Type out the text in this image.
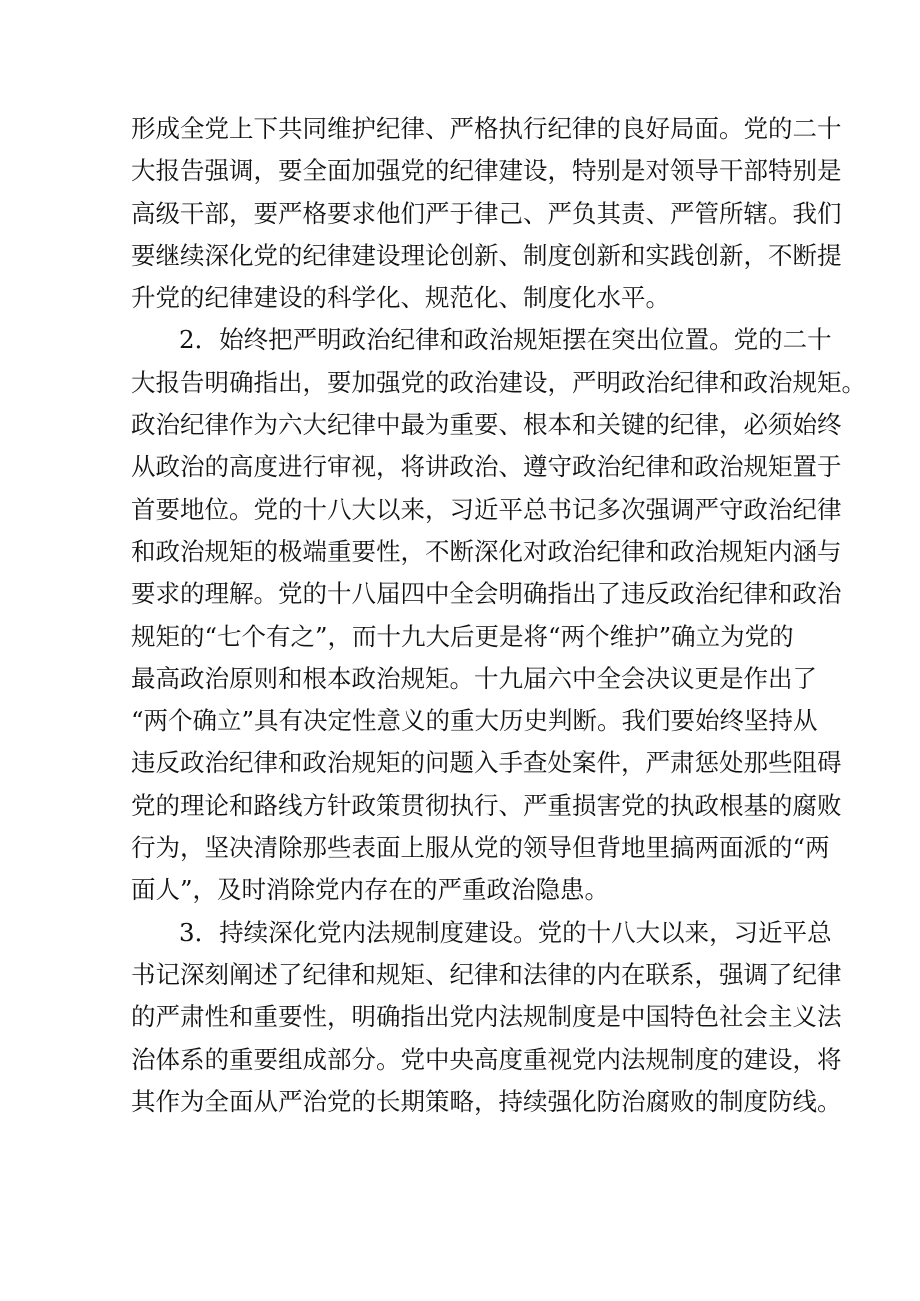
形成全党上下共同维护纪律、严格执行纪律的良好局面。党的二十
大报告强调，要全面加强党的纪律建设，特别是对领导干部特别是
高级干部，要严格要求他们严于律己、严负其责、严管所辖。我们
要继续深化党的纪律建设理论创新、制度创新和实践创新，不断提
升党的纪律建设的科学化、规范化、制度化水平。
2．始终把严明政治纪律和政治规矩摆在突出位置。党的二十
大报告明确指出，要加强党的政治建设，严明政治纪律和政治规矩。
政治纪律作为六大纪律中最为重要、根本和关键的纪律，必须始终
从政治的高度进行审视，将讲政治、遵守政治纪律和政治规矩置于
首要地位。党的十八大以来，习近平总书记多次强调严守政治纪律
和政治规矩的极端重要性，不断深化对政治纪律和政治规矩内涵与
要求的理解。党的十八届四中全会明确指出了违反政治纪律和政治
规矩的“七个有之”，而十九大后更是将“两个维护”确立为党的
最高政治原则和根本政治规矩。十九届六中全会决议更是作出了
“两个确立”具有决定性意义的重大历史判断。我们要始终坚持从
违反政治纪律和政治规矩的问题入手查处案件，严肃惩处那些阻碍
党的理论和路线方针政策贯彻执行、严重损害党的执政根基的腐败
行为，坚决清除那些表面上服从党的领导但背地里搞两面派的“两
面人”，及时消除党内存在的严重政治隐患。
3．持续深化党内法规制度建设。党的十八大以来，习近平总
书记深刻阐述了纪律和规矩、纪律和法律的内在联系，强调了纪律
的严肃性和重要性，明确指出党内法规制度是中国特色社会主义法
治体系的重要组成部分。党中央高度重视党内法规制度的建设，将
其作为全面从严治党的长期策略，持续强化防治腐败的制度防线。
